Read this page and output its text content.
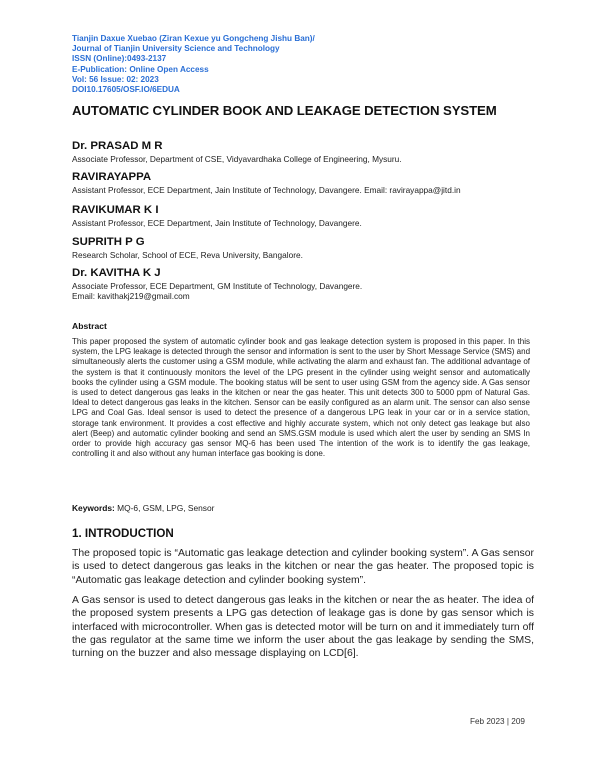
Tianjin Daxue Xuebao (Ziran Kexue yu Gongcheng Jishu Ban)/
Journal of Tianjin University Science and Technology
ISSN (Online):0493-2137
E-Publication: Online Open Access
Vol: 56 Issue: 02: 2023
DOI10.17605/OSF.IO/6EDUA
AUTOMATIC CYLINDER BOOK AND LEAKAGE DETECTION SYSTEM
Dr. PRASAD M R
Associate Professor, Department of CSE, Vidyavardhaka College of Engineering, Mysuru.
RAVIRAYAPPA
Assistant Professor, ECE Department, Jain Institute of Technology, Davangere. Email: ravirayappa@jitd.in
RAVIKUMAR K I
Assistant Professor, ECE Department, Jain Institute of Technology, Davangere.
SUPRITH P G
Research Scholar, School of ECE, Reva University, Bangalore.
Dr. KAVITHA K J
Associate Professor, ECE Department, GM Institute of Technology, Davangere.
Email: kavithakj219@gmail.com
Abstract
This paper proposed the system of automatic cylinder book and gas leakage detection system is proposed in this paper. In this system, the LPG leakage is detected through the sensor and information is sent to the user by Short Message Service (SMS) and simultaneously alerts the customer using a GSM module, while activating the alarm and exhaust fan. The additional advantage of the system is that it continuously monitors the level of the LPG present in the cylinder using weight sensor and automatically books the cylinder using a GSM module. The booking status will be sent to user using GSM from the agency side. A Gas sensor is used to detect dangerous gas leaks in the kitchen or near the gas heater. This unit detects 300 to 5000 ppm of Natural Gas. Ideal to detect dangerous gas leaks in the kitchen. Sensor can be easily configured as an alarm unit. The sensor can also sense LPG and Coal Gas. Ideal sensor is used to detect the presence of a dangerous LPG leak in your car or in a service station, storage tank environment. It provides a cost effective and highly accurate system, which not only detect gas leakage but also alert (Beep) and automatic cylinder booking and send an SMS.GSM module is used which alert the user by sending an SMS In order to provide high accuracy gas sensor MQ-6 has been used The intention of the work is to identify the gas leakage, controlling it and also without any human interface gas booking is done.
Keywords: MQ-6, GSM, LPG, Sensor
1. INTRODUCTION
The proposed topic is “Automatic gas leakage detection and cylinder booking system”. A Gas sensor is used to detect dangerous gas leaks in the kitchen or near the gas heater. The proposed topic is “Automatic gas leakage detection and cylinder booking system”.
A Gas sensor is used to detect dangerous gas leaks in the kitchen or near the as heater. The idea of the proposed system presents a LPG gas detection of leakage gas is done by gas sensor which is interfaced with microcontroller. When gas is detected motor will be turn on and it immediately turn off the gas regulator at the same time we inform the user about the gas leakage by sending the SMS, turning on the buzzer and also message displaying on LCD[6].
Feb 2023 | 209
